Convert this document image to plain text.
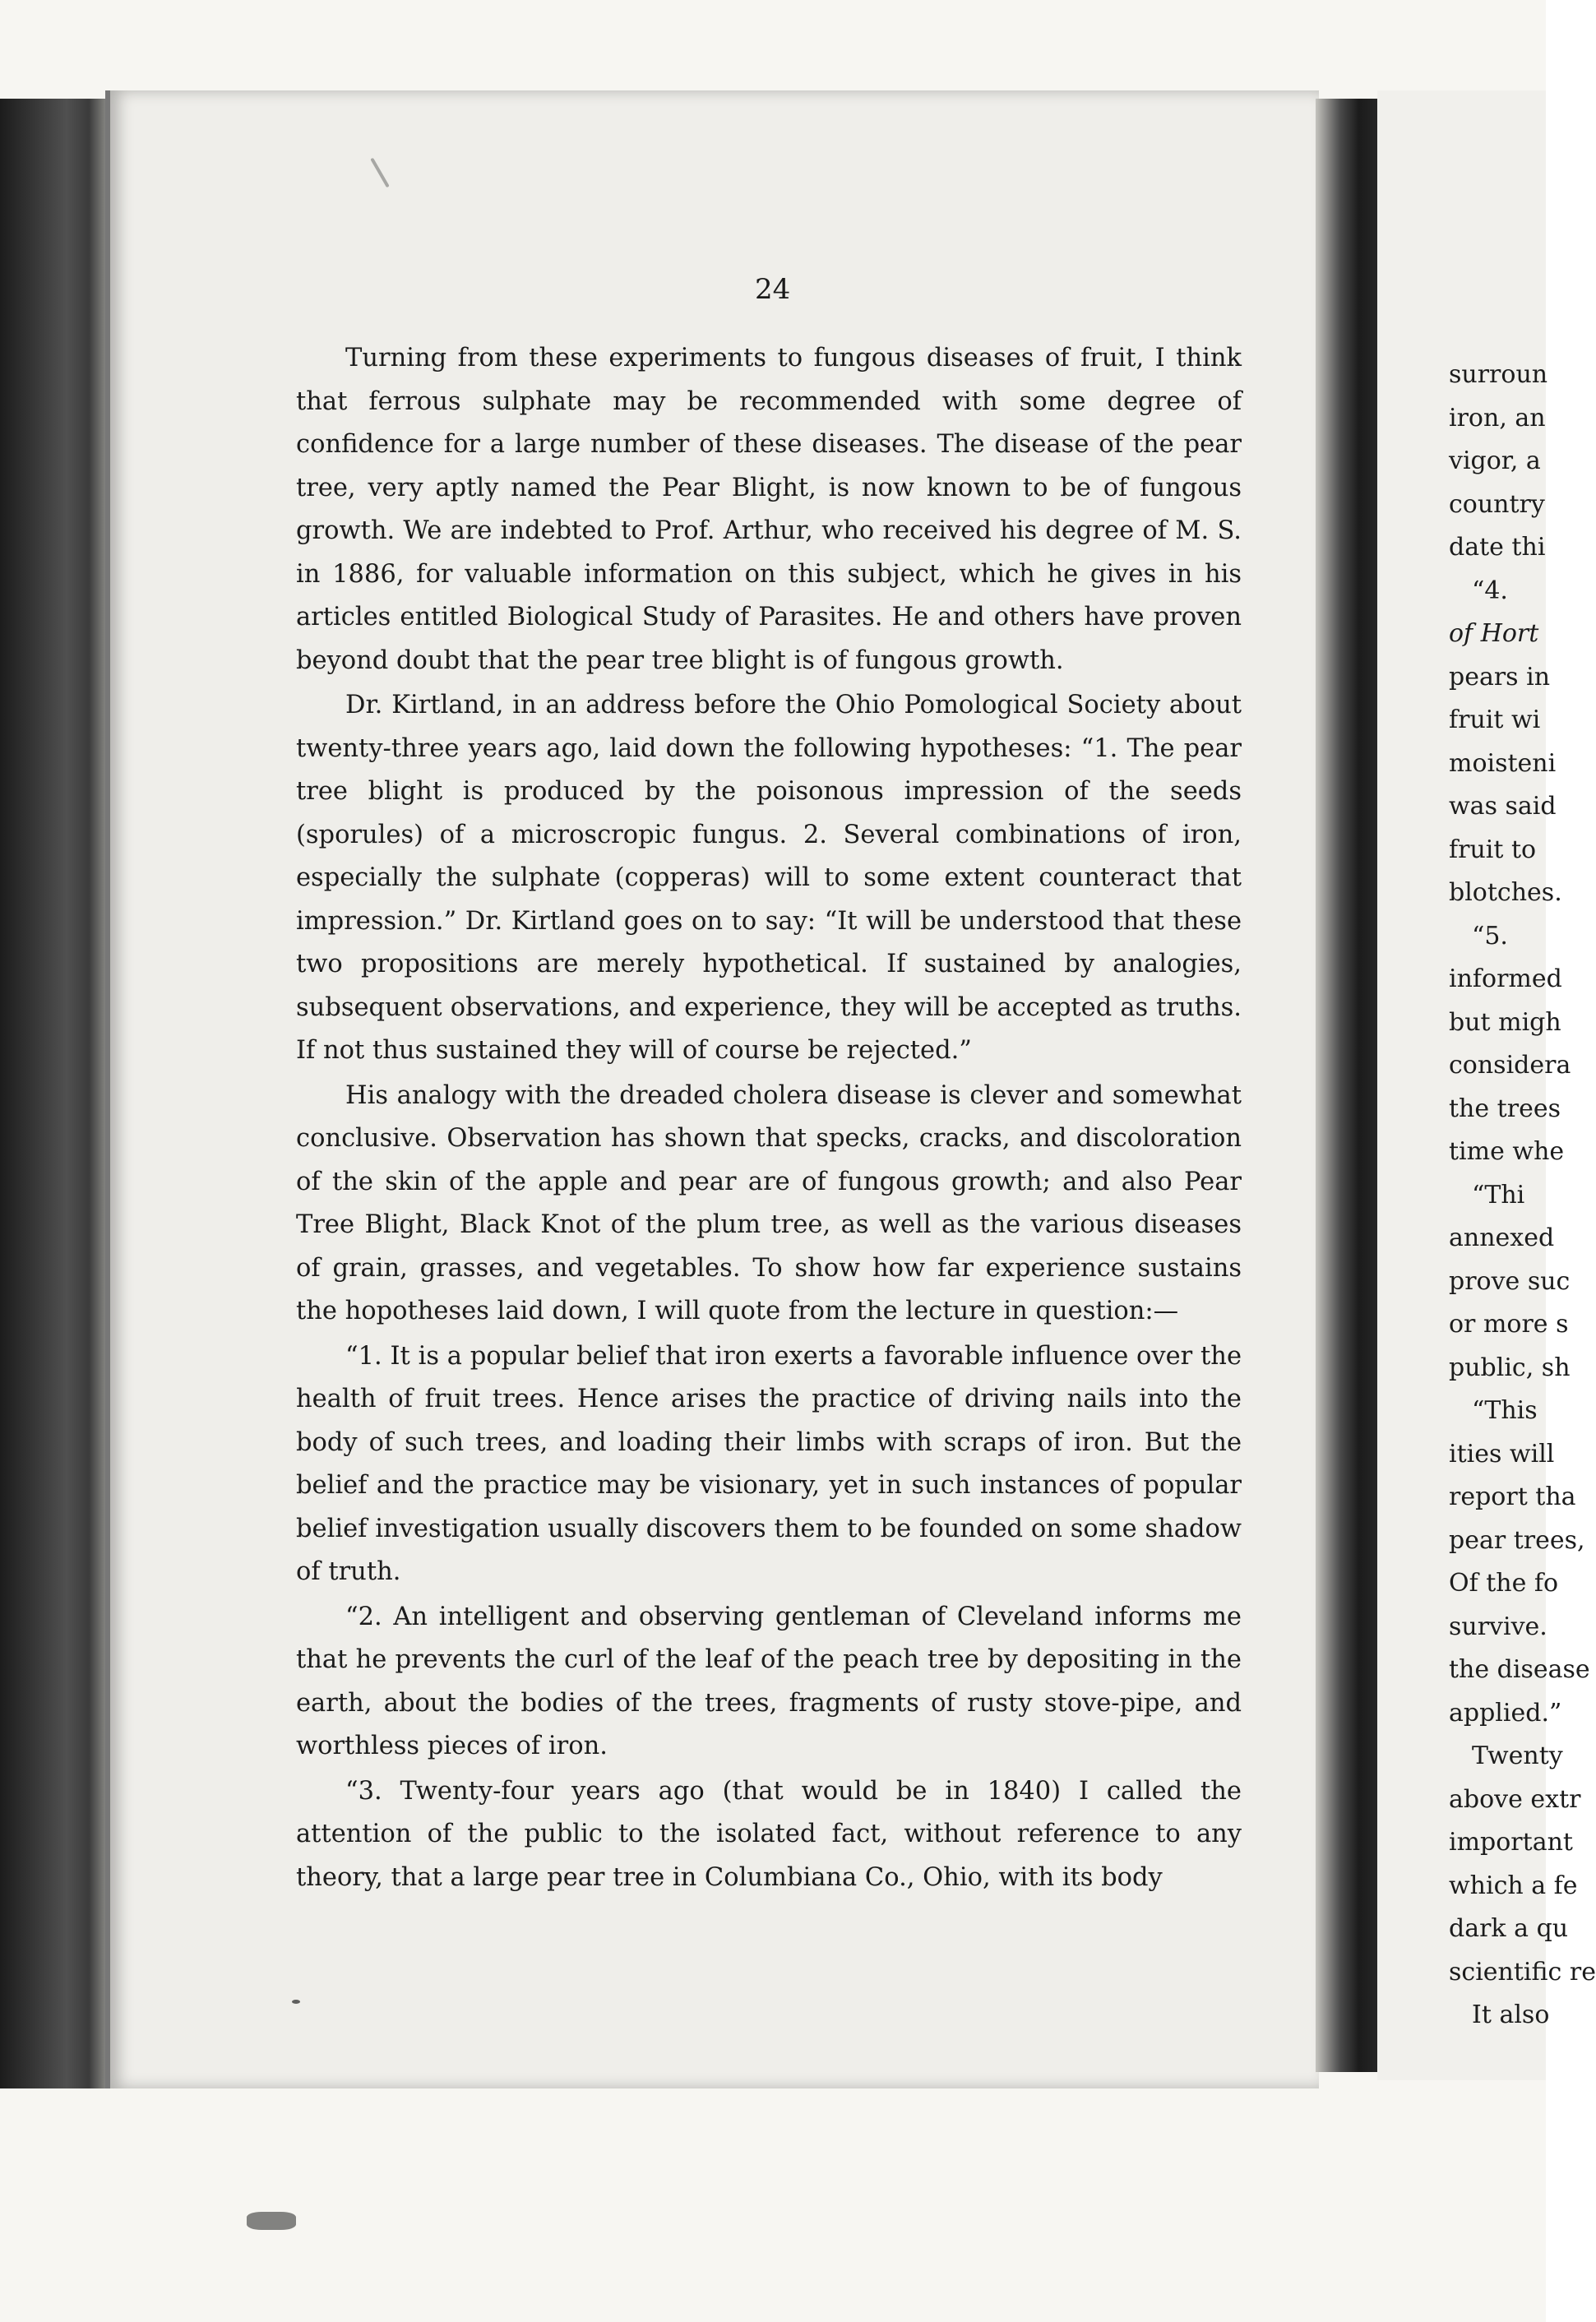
24

Turning from these experiments to fungous diseases of fruit, I think that ferrous sulphate may be recommended with some degree of confidence for a large number of these diseases. The disease of the pear tree, very aptly named the Pear Blight, is now known to be of fungous growth. We are indebted to Prof. Arthur, who received his degree of M. S. in 1886, for valuable information on this subject, which he gives in his articles entitled Biological Study of Parasites. He and others have proven beyond doubt that the pear tree blight is of fungous growth.

Dr. Kirtland, in an address before the Ohio Pomological Society about twenty-three years ago, laid down the following hypotheses: “1. The pear tree blight is produced by the poisonous impression of the seeds (sporules) of a microscropic fungus. 2. Several combinations of iron, especially the sulphate (copperas) will to some extent counteract that impression.” Dr. Kirtland goes on to say: “It will be understood that these two propositions are merely hypothetical. If sustained by analogies, subsequent observations, and experience, they will be accepted as truths. If not thus sustained they will of course be rejected.”

His analogy with the dreaded cholera disease is clever and somewhat conclusive. Observation has shown that specks, cracks, and discoloration of the skin of the apple and pear are of fungous growth; and also Pear Tree Blight, Black Knot of the plum tree, as well as the various diseases of grain, grasses, and vegetables. To show how far experience sustains the hopotheses laid down, I will quote from the lecture in question:—

“1. It is a popular belief that iron exerts a favorable influence over the health of fruit trees. Hence arises the practice of driving nails into the body of such trees, and loading their limbs with scraps of iron. But the belief and the practice may be visionary, yet in such instances of popular belief investigation usually discovers them to be founded on some shadow of truth.

“2. An intelligent and observing gentleman of Cleveland informs me that he prevents the curl of the leaf of the peach tree by depositing in the earth, about the bodies of the trees, fragments of rusty stove-pipe, and worthless pieces of iron.

“3. Twenty-four years ago (that would be in 1840) I called the attention of the public to the isolated fact, without reference to any theory, that a large pear tree in Columbiana Co., Ohio, with its body

surroun
iron, an
vigor, a
country
date thi
“4.
of Hort
pears in
fruit wi
moisteni
was said
fruit to
blotches.
“5.
informed
but migh
considera
the trees
time whe
“Thi
annexed
prove suc
or more s
public, sh
“This
ities will
report tha
pear trees,
Of the fo
survive.
the disease
applied.”
Twenty
above extr
important
which a fe
dark a qu
scientific re
It also
